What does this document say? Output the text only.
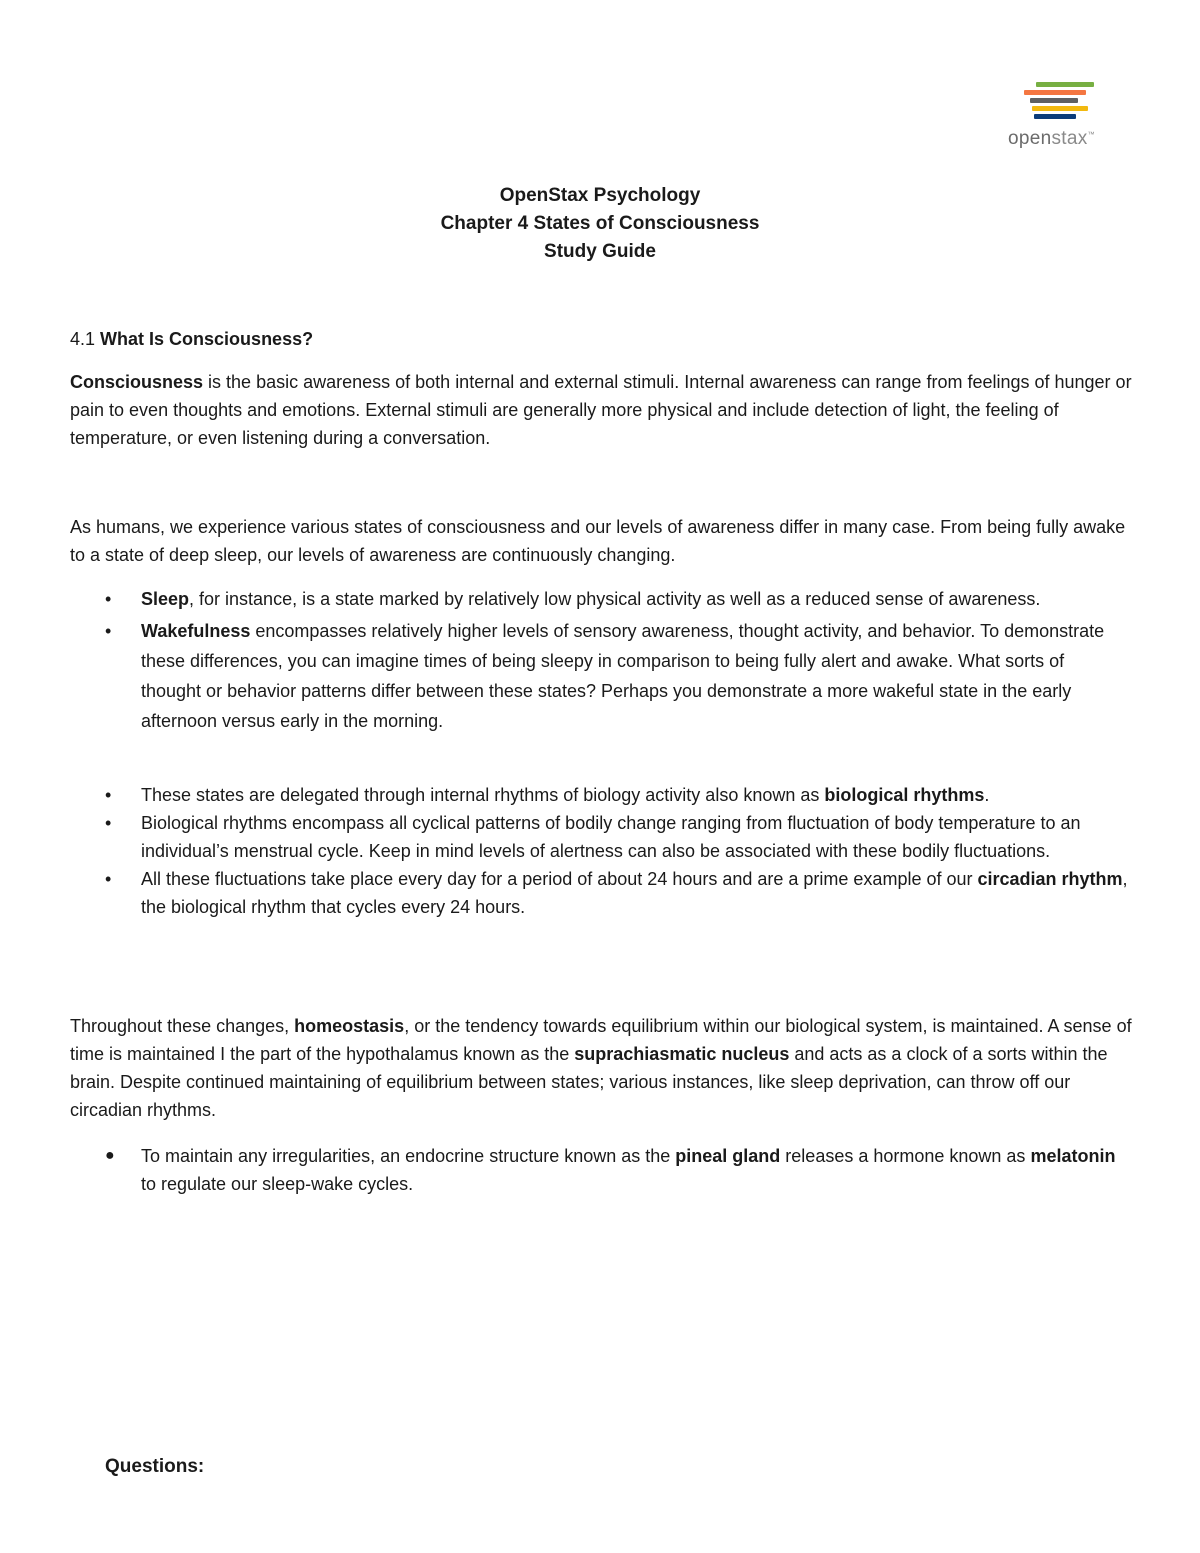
openstax™
OpenStax Psychology
Chapter 4 States of Consciousness
Study Guide
4.1 What Is Consciousness?
Consciousness is the basic awareness of both internal and external stimuli. Internal awareness can range from feelings of hunger or pain to even thoughts and emotions. External stimuli are generally more physical and include detection of light, the feeling of temperature, or even listening during a conversation.
As humans, we experience various states of consciousness and our levels of awareness differ in many case. From being fully awake to a state of deep sleep, our levels of awareness are continuously changing.
• Sleep, for instance, is a state marked by relatively low physical activity as well as a reduced sense of awareness.
• Wakefulness encompasses relatively higher levels of sensory awareness, thought activity, and behavior. To demonstrate these differences, you can imagine times of being sleepy in comparison to being fully alert and awake. What sorts of thought or behavior patterns differ between these states? Perhaps you demonstrate a more wakeful state in the early afternoon versus early in the morning.
• These states are delegated through internal rhythms of biology activity also known as biological rhythms.
• Biological rhythms encompass all cyclical patterns of bodily change ranging from fluctuation of body temperature to an individual’s menstrual cycle. Keep in mind levels of alertness can also be associated with these bodily fluctuations.
• All these fluctuations take place every day for a period of about 24 hours and are a prime example of our circadian rhythm, the biological rhythm that cycles every 24 hours.
Throughout these changes, homeostasis, or the tendency towards equilibrium within our biological system, is maintained. A sense of time is maintained I the part of the hypothalamus known as the suprachiasmatic nucleus and acts as a clock of a sorts within the brain. Despite continued maintaining of equilibrium between states; various instances, like sleep deprivation, can throw off our circadian rhythms.
● To maintain any irregularities, an endocrine structure known as the pineal gland releases a hormone known as melatonin to regulate our sleep-wake cycles.
Questions:
